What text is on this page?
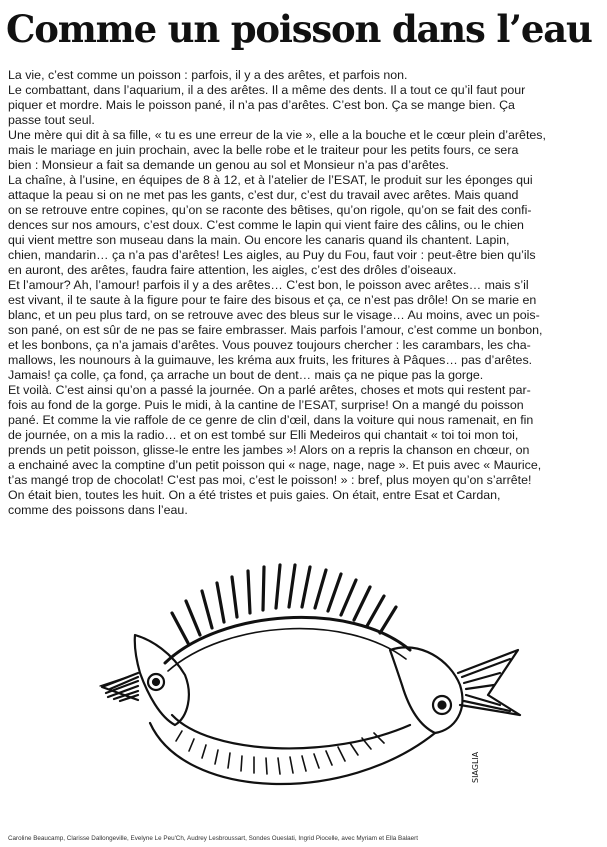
Comme un poisson dans l’eau

La vie, c’est comme un poisson : parfois, il y a des arêtes, et parfois non.

Le combattant, dans l’aquarium, il a des arêtes. Il a même des dents. Il a tout ce qu’il faut pour

piquer et mordre. Mais le poisson pané, il n’a pas d’arêtes. C’est bon. Ça se mange bien. Ça

passe tout seul.

Une mère qui dit à sa fille, « tu es une erreur de la vie », elle a la bouche et le cœur plein d’arêtes,

mais le mariage en juin prochain, avec la belle robe et le traiteur pour les petits fours, ce sera

bien : Monsieur a fait sa demande un genou au sol et Monsieur n’a pas d’arêtes.

La chaîne, à l’usine, en équipes de 8 à 12, et à l’atelier de l’ESAT, le produit sur les éponges qui

attaque la peau si on ne met pas les gants, c’est dur, c’est du travail avec arêtes. Mais quand

on se retrouve entre copines, qu’on se raconte des bêtises, qu’on rigole, qu’on se fait des confi-

dences sur nos amours, c’est doux. C’est comme le lapin qui vient faire des câlins, ou le chien

qui vient mettre son museau dans la main. Ou encore les canaris quand ils chantent. Lapin,

chien, mandarin… ça n’a pas d’arêtes! Les aigles, au Puy du Fou, faut voir : peut-être bien qu’ils

en auront, des arêtes, faudra faire attention, les aigles, c’est des drôles d’oiseaux.

Et l’amour? Ah, l’amour! parfois il y a des arêtes… C’est bon, le poisson avec arêtes… mais s’il

est vivant, il te saute à la figure pour te faire des bisous et ça, ce n’est pas drôle! On se marie en

blanc, et un peu plus tard, on se retrouve avec des bleus sur le visage… Au moins, avec un pois-

son pané, on est sûr de ne pas se faire embrasser. Mais parfois l’amour, c’est comme un bonbon,

et les bonbons, ça n’a jamais d’arêtes. Vous pouvez toujours chercher : les carambars, les cha-

mallows, les nounours à la guimauve, les kréma aux fruits, les fritures à Pâques… pas d’arêtes.

Jamais! ça colle, ça fond, ça arrache un bout de dent… mais ça ne pique pas la gorge.

Et voilà. C’est ainsi qu’on a passé la journée. On a parlé arêtes, choses et mots qui restent par-

fois au fond de la gorge. Puis le midi, à la cantine de l’ESAT, surprise! On a mangé du poisson

pané. Et comme la vie raffole de ce genre de clin d’œil, dans la voiture qui nous ramenait, en fin

de journée, on a mis la radio… et on est tombé sur Elli Medeiros qui chantait « toi toi mon toi,

prends un petit poisson, glisse-le entre les jambes »! Alors on a repris la chanson en chœur, on

a enchainé avec la comptine d’un petit poisson qui « nage, nage, nage ». Et puis avec « Maurice,

t’as mangé trop de chocolat! C’est pas moi, c’est le poisson! » : bref, plus moyen qu’on s’arrête!

On était bien, toutes les huit. On a été tristes et puis gaies. On était, entre Esat et Cardan,

comme des poissons dans l’eau.

SIAGLIA
Caroline Beaucamp, Clarisse Dallongeville, Evelyne Le Peu'Ch, Audrey Lesbroussart, Sondes Oueslati, Ingrid Piocelle, avec Myriam et Ella Balaert
